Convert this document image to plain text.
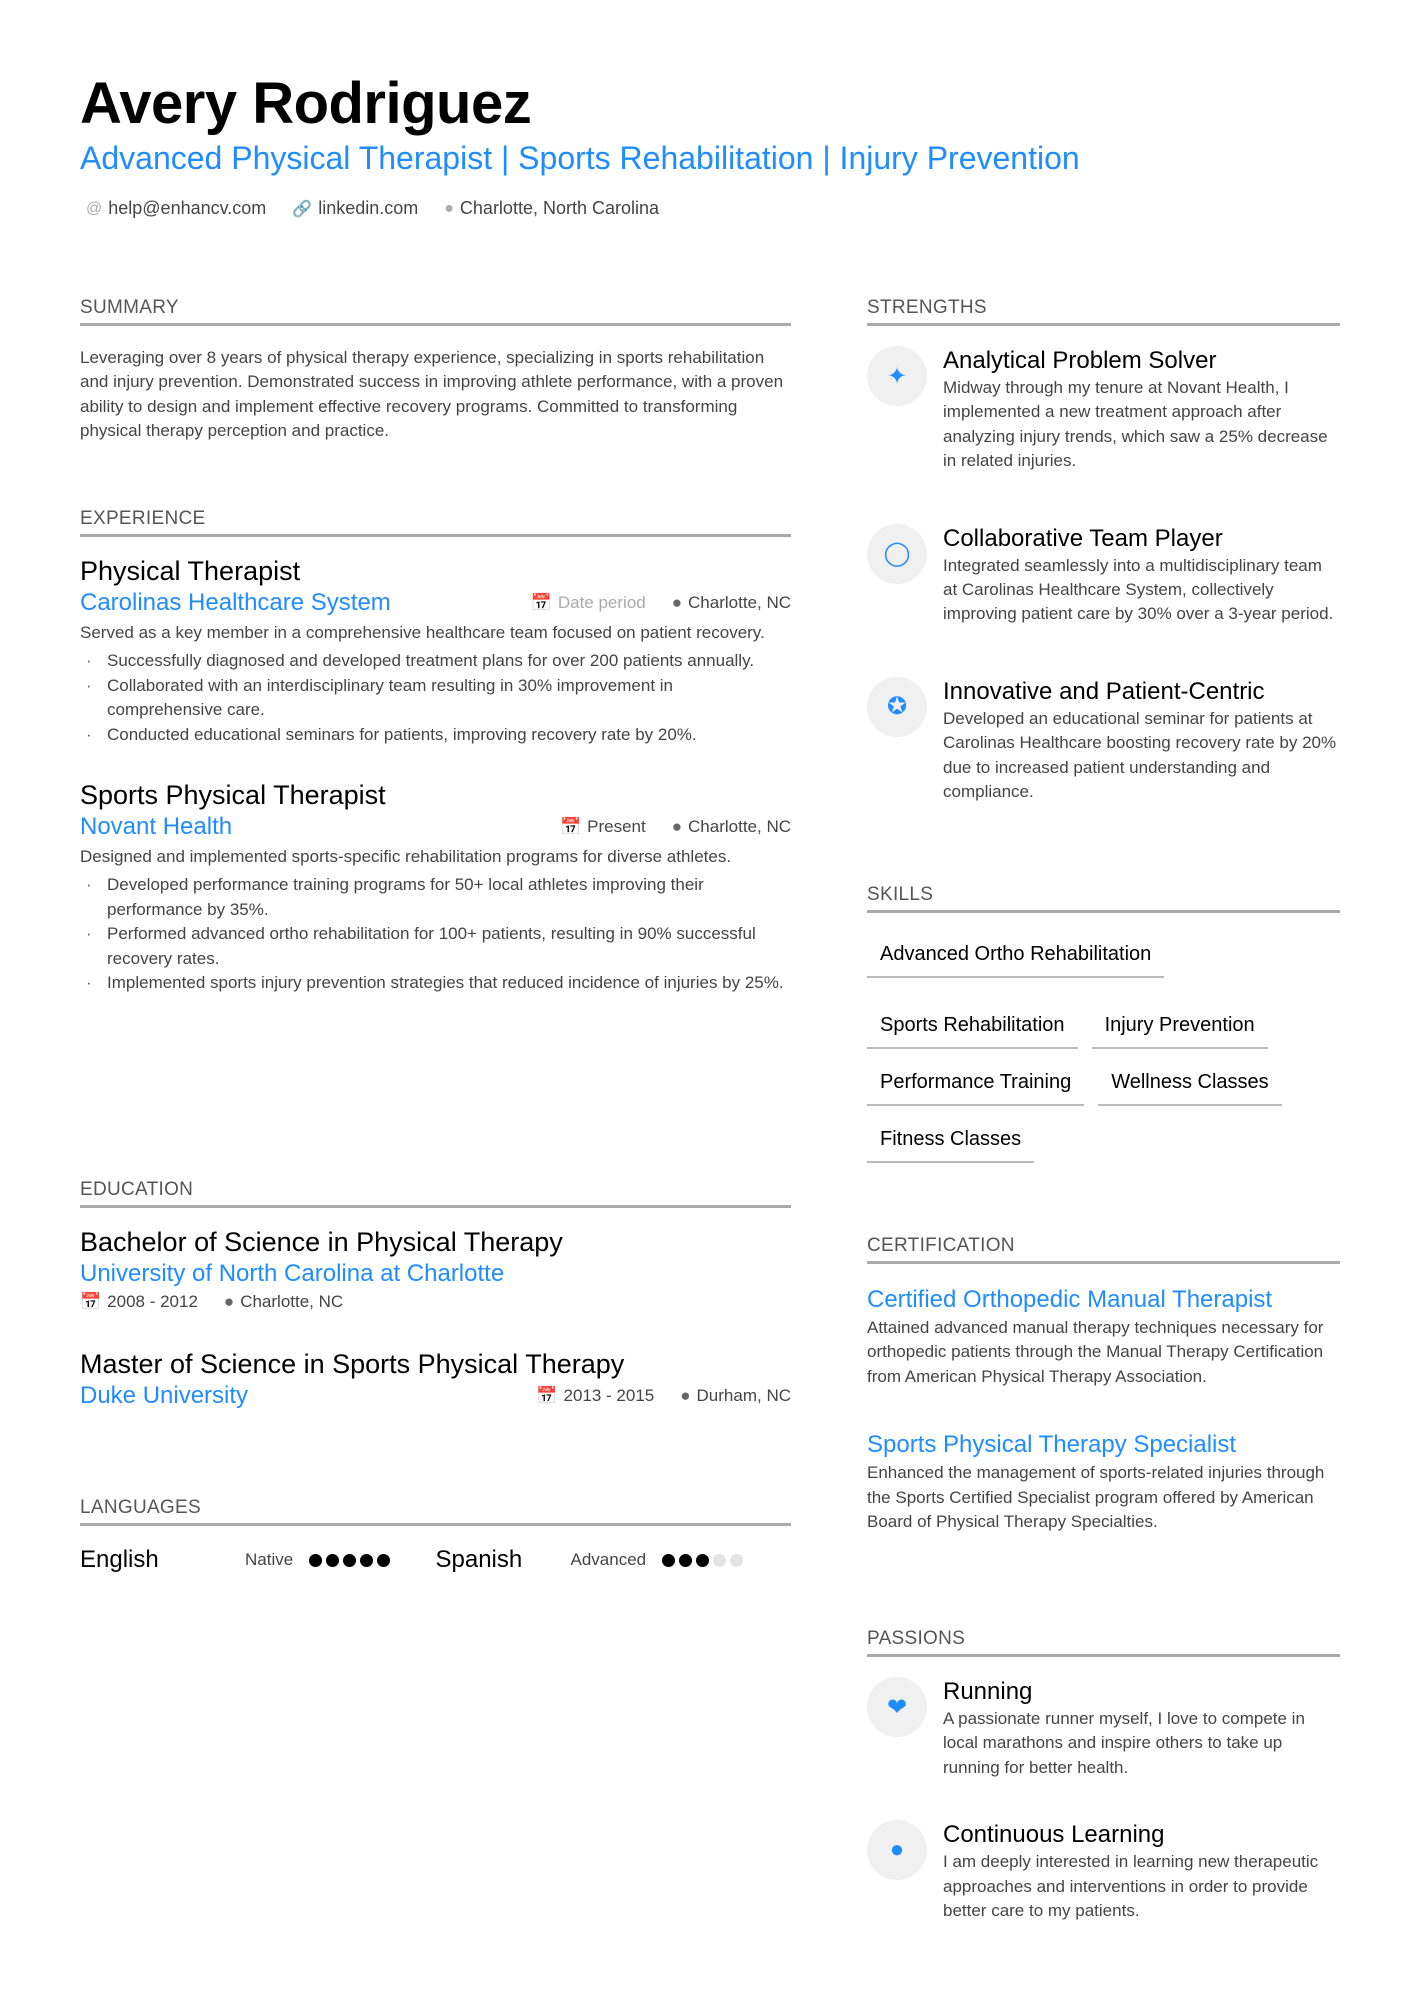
Avery Rodriguez
Advanced Physical Therapist | Sports Rehabilitation | Injury Prevention
@ help@enhancv.com 🔗 linkedin.com ● Charlotte, North Carolina
SUMMARY
Leveraging over 8 years of physical therapy experience, specializing in sports rehabilitation and injury prevention. Demonstrated success in improving athlete performance, with a proven ability to design and implement effective recovery programs. Committed to transforming physical therapy perception and practice.
EXPERIENCE
Physical Therapist
Carolinas Healthcare System	📅 Date period ● Charlotte, NC
Served as a key member in a comprehensive healthcare team focused on patient recovery.
· Successfully diagnosed and developed treatment plans for over 200 patients annually.
· Collaborated with an interdisciplinary team resulting in 30% improvement in comprehensive care.
· Conducted educational seminars for patients, improving recovery rate by 20%.
Sports Physical Therapist
Novant Health	📅 Present ● Charlotte, NC
Designed and implemented sports-specific rehabilitation programs for diverse athletes.
· Developed performance training programs for 50+ local athletes improving their performance by 35%.
· Performed advanced ortho rehabilitation for 100+ patients, resulting in 90% successful recovery rates.
· Implemented sports injury prevention strategies that reduced incidence of injuries by 25%.
EDUCATION
Bachelor of Science in Physical Therapy
University of North Carolina at Charlotte
📅 2008 - 2012 ● Charlotte, NC
Master of Science in Sports Physical Therapy
Duke University	📅 2013 - 2015 ● Durham, NC
LANGUAGES
English	Native	Spanish	Advanced
STRENGTHS
✦
Analytical Problem Solver
Midway through my tenure at Novant Health, I implemented a new treatment approach after analyzing injury trends, which saw a 25% decrease in related injuries.
◯
Collaborative Team Player
Integrated seamlessly into a multidisciplinary team at Carolinas Healthcare System, collectively improving patient care by 30% over a 3-year period.
✪
Innovative and Patient-Centric
Developed an educational seminar for patients at Carolinas Healthcare boosting recovery rate by 20% due to increased patient understanding and compliance.
SKILLS
Advanced Ortho Rehabilitation
Sports Rehabilitation	Injury Prevention
Performance Training	Wellness Classes
Fitness Classes
CERTIFICATION
Certified Orthopedic Manual Therapist
Attained advanced manual therapy techniques necessary for orthopedic patients through the Manual Therapy Certification from American Physical Therapy Association.
Sports Physical Therapy Specialist
Enhanced the management of sports-related injuries through the Sports Certified Specialist program offered by American Board of Physical Therapy Specialties.
PASSIONS
❤
Running
A passionate runner myself, I love to compete in local marathons and inspire others to take up running for better health.
●
Continuous Learning
I am deeply interested in learning new therapeutic approaches and interventions in order to provide better care to my patients.
